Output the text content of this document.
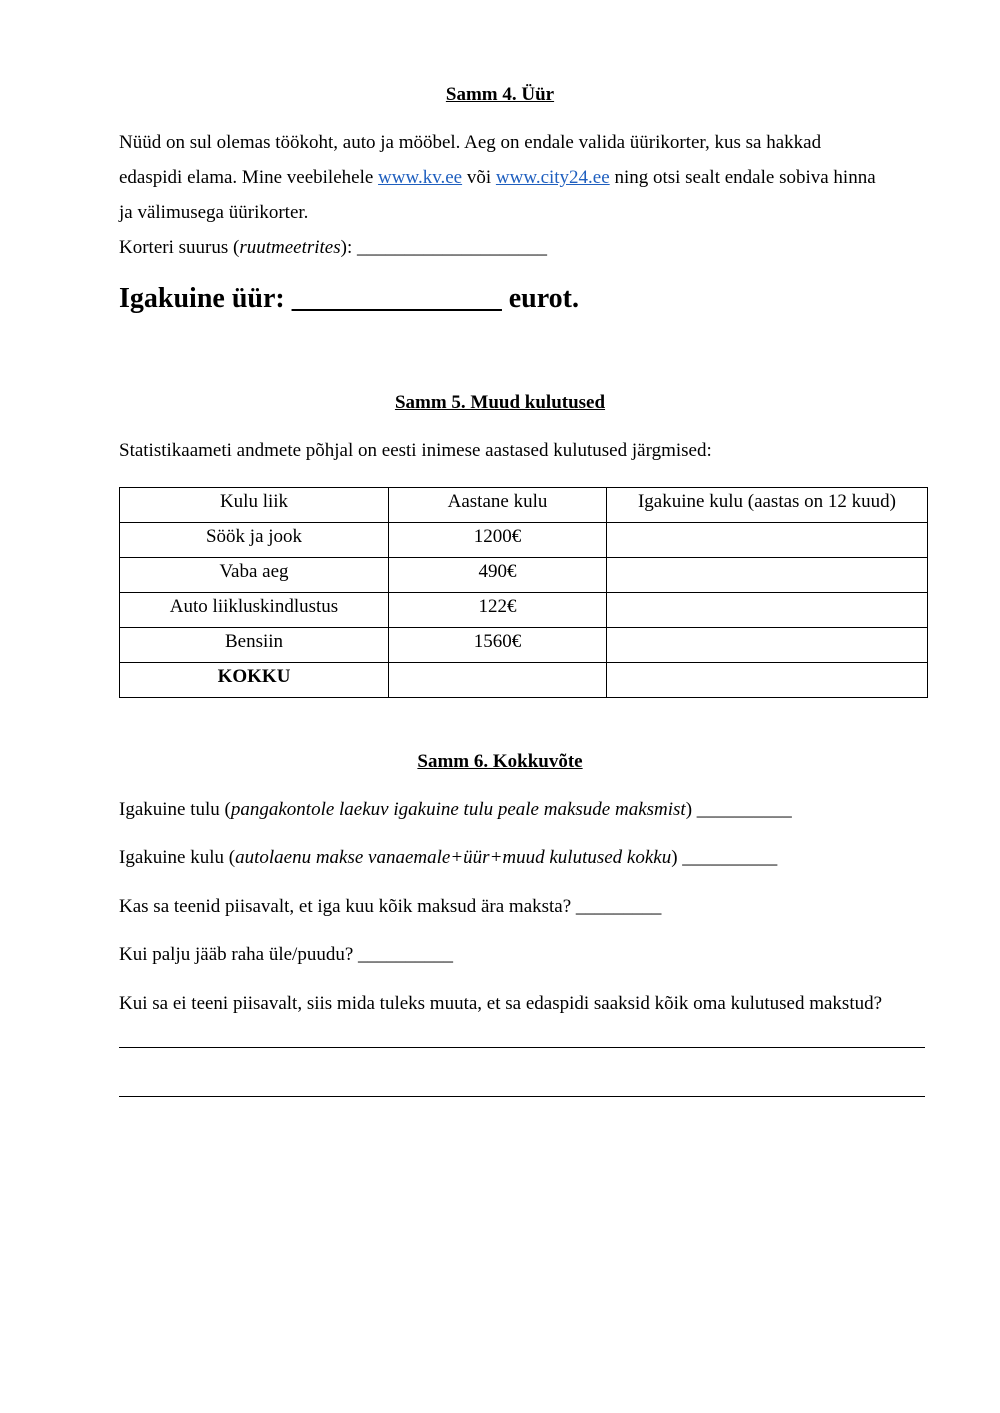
Samm 4. Üür
Nüüd on sul olemas töökoht, auto ja mööbel. Aeg on endale valida üürikorter, kus sa hakkad
edaspidi elama. Mine veebilehele www.kv.ee või www.city24.ee ning otsi sealt endale sobiva hinna
ja välimusega üürikorter.
Korteri suurus (ruutmeetrites): ____________________
Igakuine üür: _______________ eurot.
Samm 5. Muud kulutused
Statistikaameti andmete põhjal on eesti inimese aastased kulutused järgmised:
Kulu liik	Aastane kulu	Igakuine kulu (aastas on 12 kuud)
Söök ja jook	1200€	
Vaba aeg	490€	
Auto liikluskindlustus	122€	
Bensiin	1560€	
KOKKU		
Samm 6. Kokkuvõte
Igakuine tulu (pangakontole laekuv igakuine tulu peale maksude maksmist) __________
Igakuine kulu (autolaenu makse vanaemale+üür+muud kulutused kokku) __________
Kas sa teenid piisavalt, et iga kuu kõik maksud ära maksta? _________
Kui palju jääb raha üle/puudu? __________
Kui sa ei teeni piisavalt, siis mida tuleks muuta, et sa edaspidi saaksid kõik oma kulutused makstud?
